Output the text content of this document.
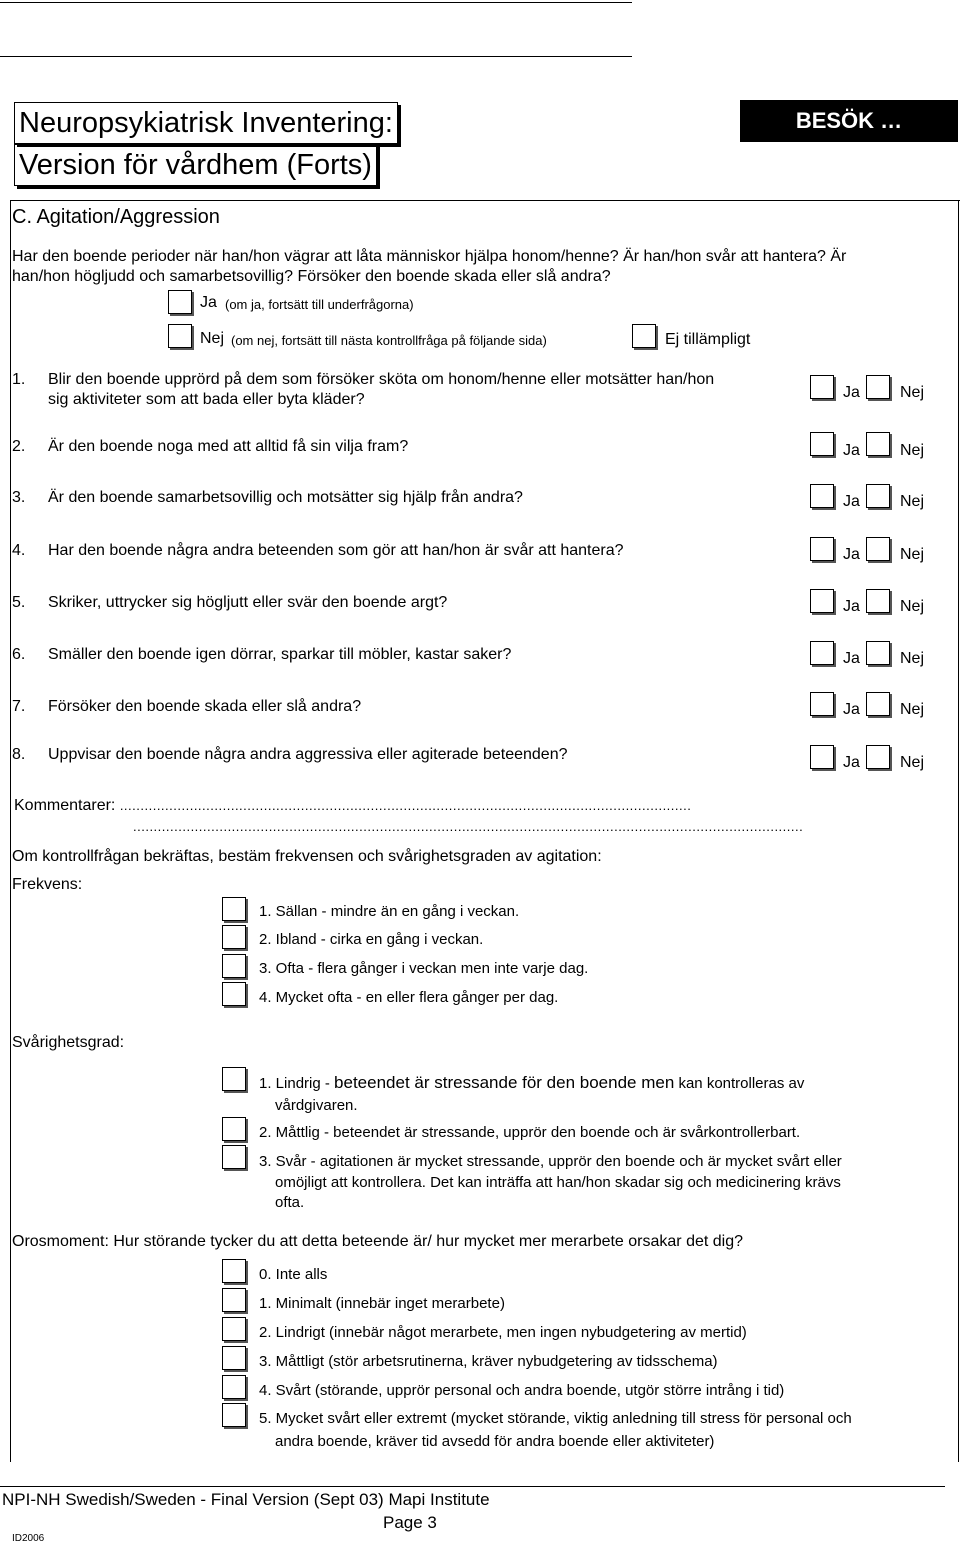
Neuropsykiatrisk Inventering:
Version för vårdhem (Forts)
BESÖK …
C. Agitation/Aggression
Har den boende perioder när han/hon vägrar att låta människor hjälpa honom/henne? Är han/hon svår att hantera? Är
han/hon högljudd och samarbetsovillig? Försöker den boende skada eller slå andra?
Ja (om ja, fortsätt till underfrågorna)
Nej (om nej, fortsätt till nästa kontrollfråga på följande sida)	Ej tillämpligt
1. Blir den boende upprörd på dem som försöker sköta om honom/henne eller motsätter han/hon
sig aktiviteter som att bada eller byta kläder?	Ja	Nej
2. Är den boende noga med att alltid få sin vilja fram?	Ja	Nej
3. Är den boende samarbetsovillig och motsätter sig hjälp från andra?	Ja	Nej
4. Har den boende några andra beteenden som gör att han/hon är svår att hantera?	Ja	Nej
5. Skriker, uttrycker sig högljutt eller svär den boende argt?	Ja	Nej
6. Smäller den boende igen dörrar, sparkar till möbler, kastar saker?	Ja	Nej
7. Försöker den boende skada eller slå andra?	Ja	Nej
8. Uppvisar den boende några andra aggressiva eller agiterade beteenden?	Ja	Nej
Kommentarer: ...........................................................................................................................................
...................................................................................................................................................................
Om kontrollfrågan bekräftas, bestäm frekvensen och svårighetsgraden av agitation:
Frekvens:
1. Sällan - mindre än en gång i veckan.
2. Ibland - cirka en gång i veckan.
3. Ofta - flera gånger i veckan men inte varje dag.
4. Mycket ofta - en eller flera gånger per dag.
Svårighetsgrad:
1. Lindrig - beteendet är stressande för den boende men kan kontrolleras av
vårdgivaren.
2. Måttlig - beteendet är stressande, upprör den boende och är svårkontrollerbart.
3. Svår - agitationen är mycket stressande, upprör den boende och är mycket svårt eller
omöjligt att kontrollera. Det kan inträffa att han/hon skadar sig och medicinering krävs
ofta.
Orosmoment: Hur störande tycker du att detta beteende är/ hur mycket mer merarbete orsakar det dig?
0. Inte alls
1. Minimalt (innebär inget merarbete)
2. Lindrigt (innebär något merarbete, men ingen nybudgetering av mertid)
3. Måttligt (stör arbetsrutinerna, kräver nybudgetering av tidsschema)
4. Svårt (störande, upprör personal och andra boende, utgör större intrång i tid)
5. Mycket svårt eller extremt (mycket störande, viktig anledning till stress för personal och
andra boende, kräver tid avsedd för andra boende eller aktiviteter)
NPI-NH Swedish/Sweden - Final Version (Sept 03) Mapi Institute
Page 3
ID2006
